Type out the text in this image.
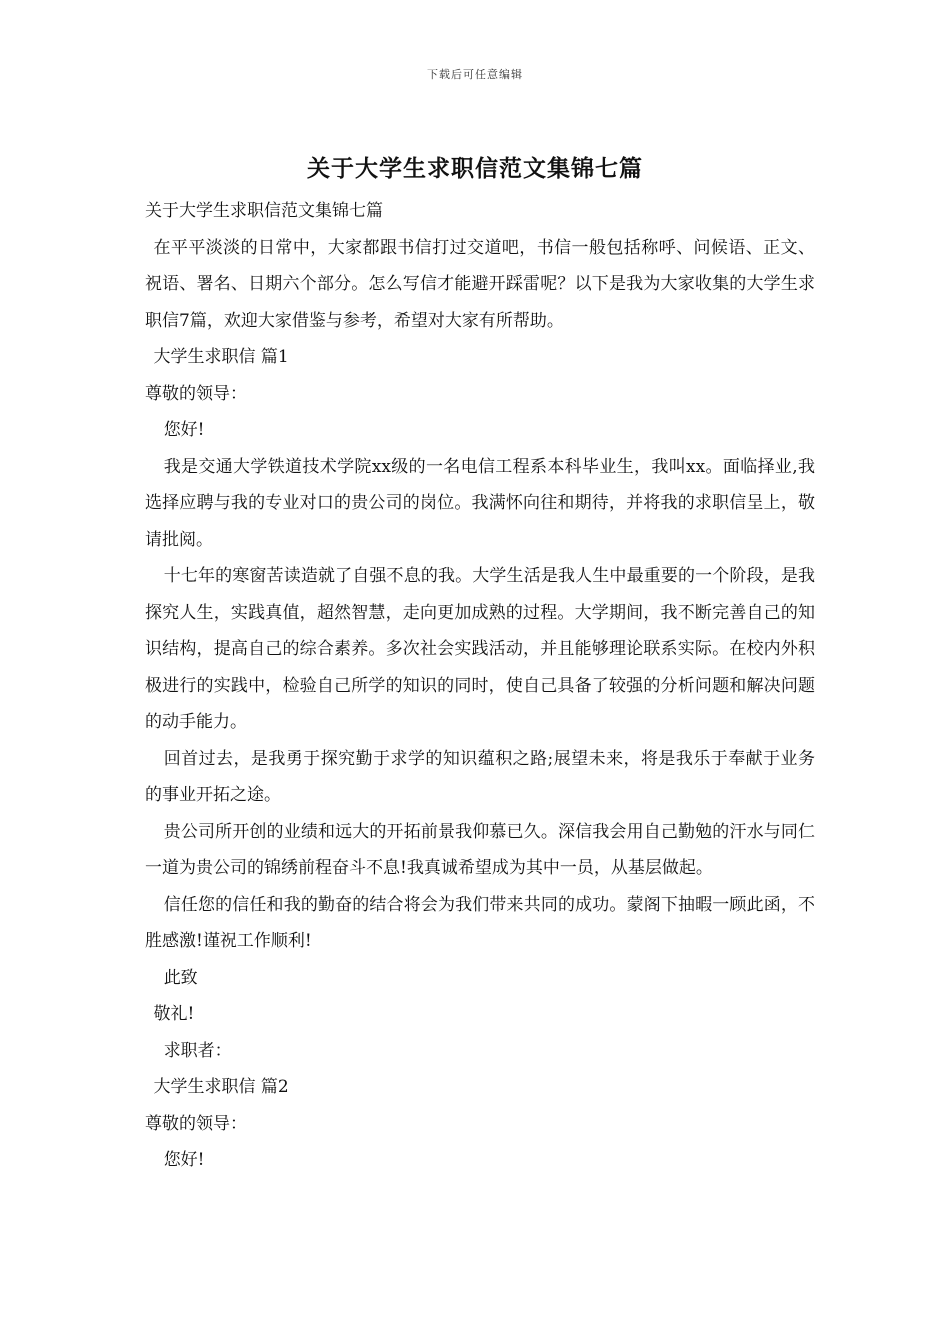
下载后可任意编辑
关于大学生求职信范文集锦七篇

关于大学生求职信范文集锦七篇

在平平淡淡的日常中，大家都跟书信打过交道吧，书信一般包括称呼、问候语、正文、祝语、署名、日期六个部分。怎么写信才能避开踩雷呢？以下是我为大家收集的大学生求职信7篇，欢迎大家借鉴与参考，希望对大家有所帮助。

大学生求职信 篇1

尊敬的领导：

您好!

我是交通大学铁道技术学院xx级的一名电信工程系本科毕业生，我叫xx。面临择业,我选择应聘与我的专业对口的贵公司的岗位。我满怀向往和期待，并将我的求职信呈上，敬请批阅。

十七年的寒窗苦读造就了自强不息的我。大学生活是我人生中最重要的一个阶段，是我探究人生，实践真值，超然智慧，走向更加成熟的过程。大学期间，我不断完善自己的知识结构，提高自己的综合素养。多次社会实践活动，并且能够理论联系实际。在校内外积极进行的实践中，检验自己所学的知识的同时，使自己具备了较强的分析问题和解决问题的动手能力。

回首过去，是我勇于探究勤于求学的知识蕴积之路;展望未来，将是我乐于奉献于业务的事业开拓之途。

贵公司所开创的业绩和远大的开拓前景我仰慕已久。深信我会用自己勤勉的汗水与同仁一道为贵公司的锦绣前程奋斗不息!我真诚希望成为其中一员，从基层做起。

信任您的信任和我的勤奋的结合将会为我们带来共同的成功。蒙阁下抽暇一顾此函，不胜感激!谨祝工作顺利!

此致

敬礼!

求职者：

大学生求职信 篇2

尊敬的领导：

您好!
